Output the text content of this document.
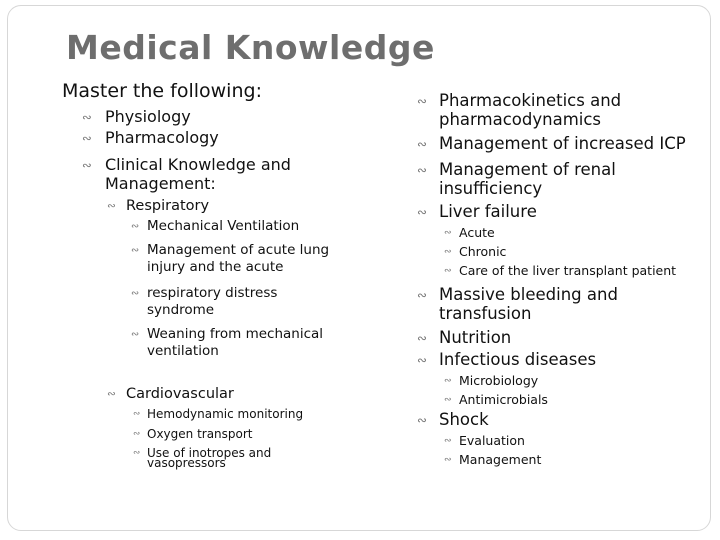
Medical Knowledge
Master the following:
∾ Physiology
∾ Pharmacology
∾ Clinical Knowledge and
Management:
∾ Respiratory
∾ Mechanical Ventilation
∾ Management of acute lung
injury and the acute
∾ respiratory distress
syndrome
∾ Weaning from mechanical
ventilation
∾ Cardiovascular
∾ Hemodynamic monitoring
∾ Oxygen transport
∾ Use of inotropes and
vasopressors
∾ Pharmacokinetics and
pharmacodynamics
∾ Management of increased ICP
∾ Management of renal
insufficiency
∾ Liver failure
∾ Acute
∾ Chronic
∾ Care of the liver transplant patient
∾ Massive bleeding and
transfusion
∾ Nutrition
∾ Infectious diseases
∾ Microbiology
∾ Antimicrobials
∾ Shock
∾ Evaluation
∾ Management
